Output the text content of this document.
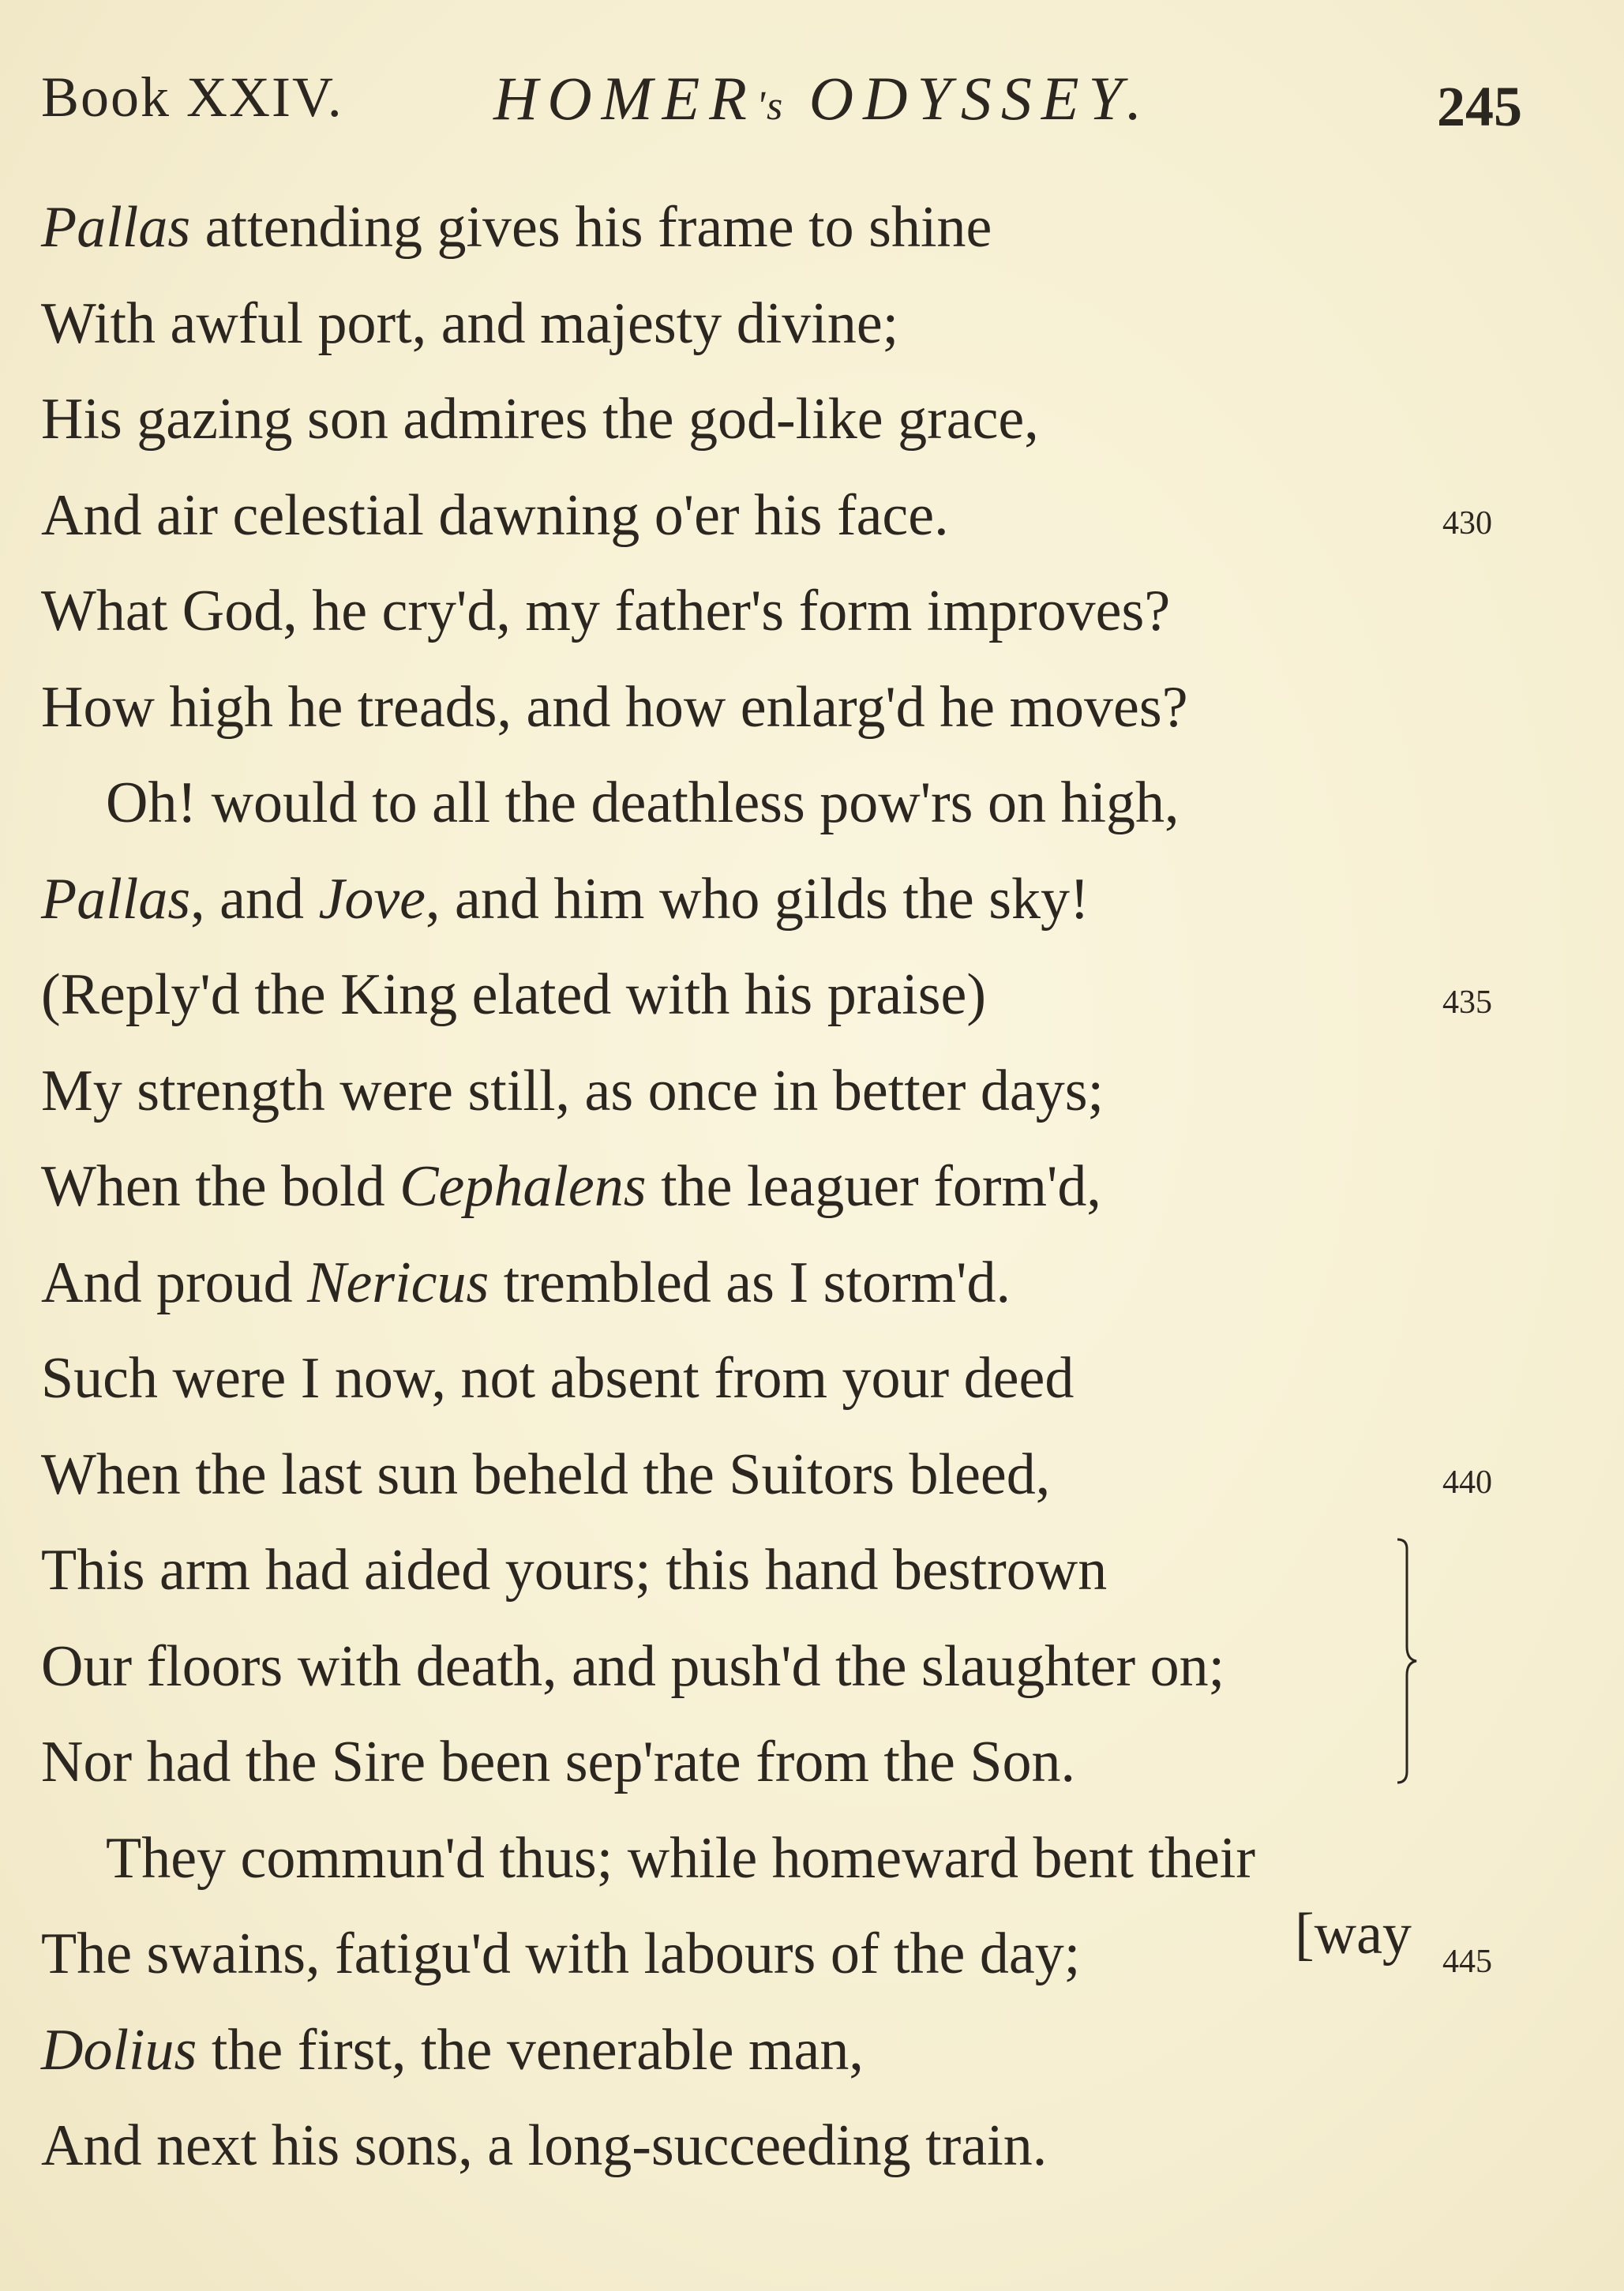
Book XXIV. HOMER's ODYSSEY.	245
Pallas attending gives his frame to shine
With awful port, and majesty divine;
His gazing son admires the god-like grace,
And air celestial dawning o'er his face.	430
What God, he cry'd, my father's form improves?
How high he treads, and how enlarg'd he moves?
Oh! would to all the deathless pow'rs on high,
Pallas, and Jove, and him who gilds the sky!
(Reply'd the King elated with his praise)	435
My strength were still, as once in better days;
When the bold Cephalens the leaguer form'd,
And proud Nericus trembled as I storm'd.
Such were I now, not absent from your deed
When the last sun beheld the Suitors bleed,	440
This arm had aided yours; this hand bestrown
Our floors with death, and push'd the slaughter on;
Nor had the Sire been sep'rate from the Son.
They commun'd thus; while homeward bent their
The swains, fatigu'd with labours of the day;	445
Dolius the first, the venerable man,
And next his sons, a long-succeeding train.
[way
